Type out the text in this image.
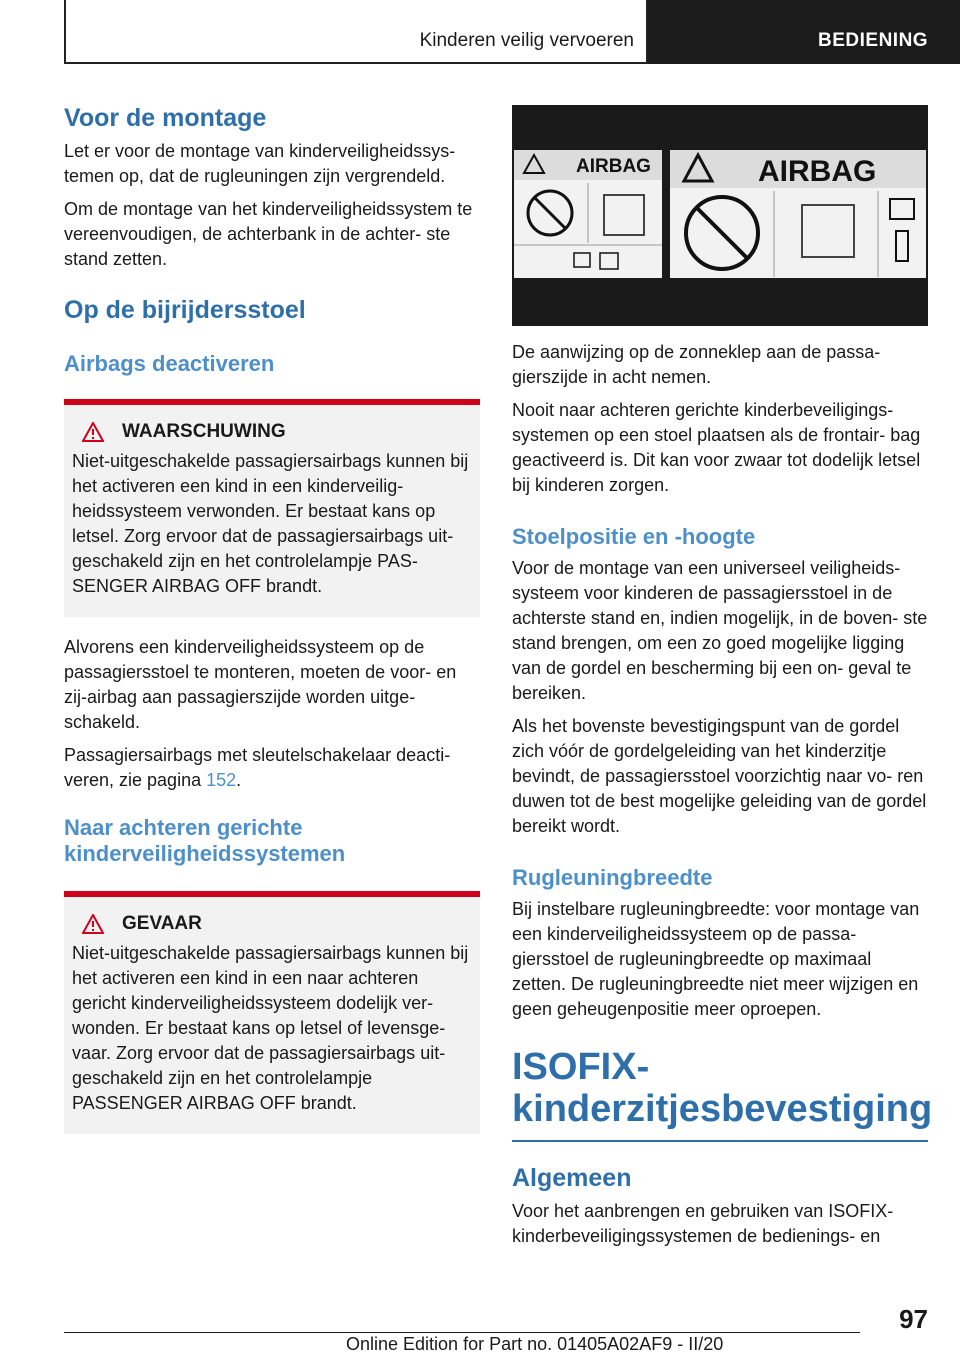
Kinderen veilig vervoeren	BEDIENING
Voor de montage

Let er voor de montage van kinderveiligheidssys‐ temen op, dat de rugleuningen zijn vergrendeld.

Om de montage van het kinderveiligheidssystem te vereenvoudigen, de achterbank in de achter‐ ste stand zetten.

Op de bijrijdersstoel
Airbags deactiveren
WAARSCHUWING

Niet-uitgeschakelde passagiersairbags kunnen bij het activeren een kind in een kinderveilig‐ heidssysteem verwonden. Er bestaat kans op letsel. Zorg ervoor dat de passagiersairbags uit‐ geschakeld zijn en het controlelampje PAS‐ SENGER AIRBAG OFF brandt.

Alvorens een kinderveiligheidssysteem op de passagiersstoel te monteren, moeten de voor- en zij-airbag aan passagierszijde worden uitge‐ schakeld.

Passagiersairbags met sleutelschakelaar deacti‐ veren, zie pagina 152.

Naar achteren gerichte kinderveiligheidssystemen
GEVAAR

Niet-uitgeschakelde passagiersairbags kunnen bij het activeren een kind in een naar achteren gericht kinderveiligheidssysteem dodelijk ver‐ wonden. Er bestaat kans op letsel of levensge‐ vaar. Zorg ervoor dat de passagiersairbags uit‐ geschakeld zijn en het controlelampje PASSENGER AIRBAG OFF brandt.

AIRBAG	AIRBAG

De aanwijzing op de zonneklep aan de passa‐ gierszijde in acht nemen.

Nooit naar achteren gerichte kinderbeveiligings‐ systemen op een stoel plaatsen als de frontair‐ bag geactiveerd is. Dit kan voor zwaar tot dodelijk letsel bij kinderen zorgen.

Stoelpositie en -hoogte

Voor de montage van een universeel veiligheids‐ systeem voor kinderen de passagiersstoel in de achterste stand en, indien mogelijk, in de boven‐ ste stand brengen, om een zo goed mogelijke ligging van de gordel en bescherming bij een on‐ geval te bereiken.

Als het bovenste bevestigingspunt van de gordel zich vóór de gordelgeleiding van het kinderzitje bevindt, de passagiersstoel voorzichtig naar vo‐ ren duwen tot de best mogelijke geleiding van de gordel bereikt wordt.

Rugleuningbreedte

Bij instelbare rugleuningbreedte: voor montage van een kinderveiligheidssysteem op de passa‐ giersstoel de rugleuningbreedte op maximaal zetten. De rugleuningbreedte niet meer wijzigen en geen geheugenpositie meer oproepen.

ISOFIX- kinderzitjesbevestiging
Algemeen

Voor het aanbrengen en gebruiken van ISOFIX- kinderbeveiligingssystemen de bedienings- en

97
Online Edition for Part no. 01405A02AF9 - II/20
